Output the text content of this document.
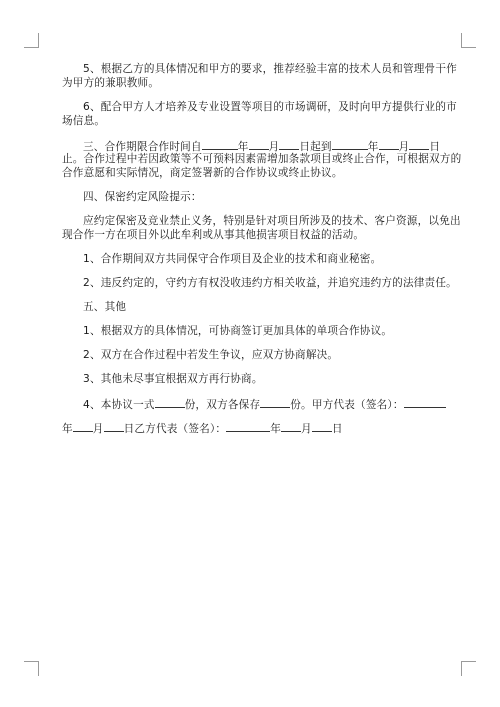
5、根据乙方的具体情况和甲方的要求，推荐经验丰富的技术人员和管理骨干作
为甲方的兼职教师。
6、配合甲方人才培养及专业设置等项目的市场调研，及时向甲方提供行业的市
场信息。
三、合作期限合作时间自	年 月 日起到	年 月 日
止。合作过程中若因政策等不可预料因素需增加条款项目或终止合作，可根据双方的
合作意愿和实际情况，商定签署新的合作协议或终止协议。
四、保密约定风险提示：
应约定保密及竞业禁止义务，特别是针对项目所涉及的技术、客户资源，以免出
现合作一方在项目外以此牟利或从事其他损害项目权益的活动。
1、合作期间双方共同保守合作项目及企业的技术和商业秘密。
2、违反约定的，守约方有权没收违约方相关收益，并追究违约方的法律责任。
五、其他
1、根据双方的具体情况，可协商签订更加具体的单项合作协议。
2、双方在合作过程中若发生争议，应双方协商解决。
3、其他未尽事宜根据双方再行协商。
4、本协议一式	份，双方各保存	份。甲方代表（签名）：
年 月 日乙方代表（签名）：	年 月 日
